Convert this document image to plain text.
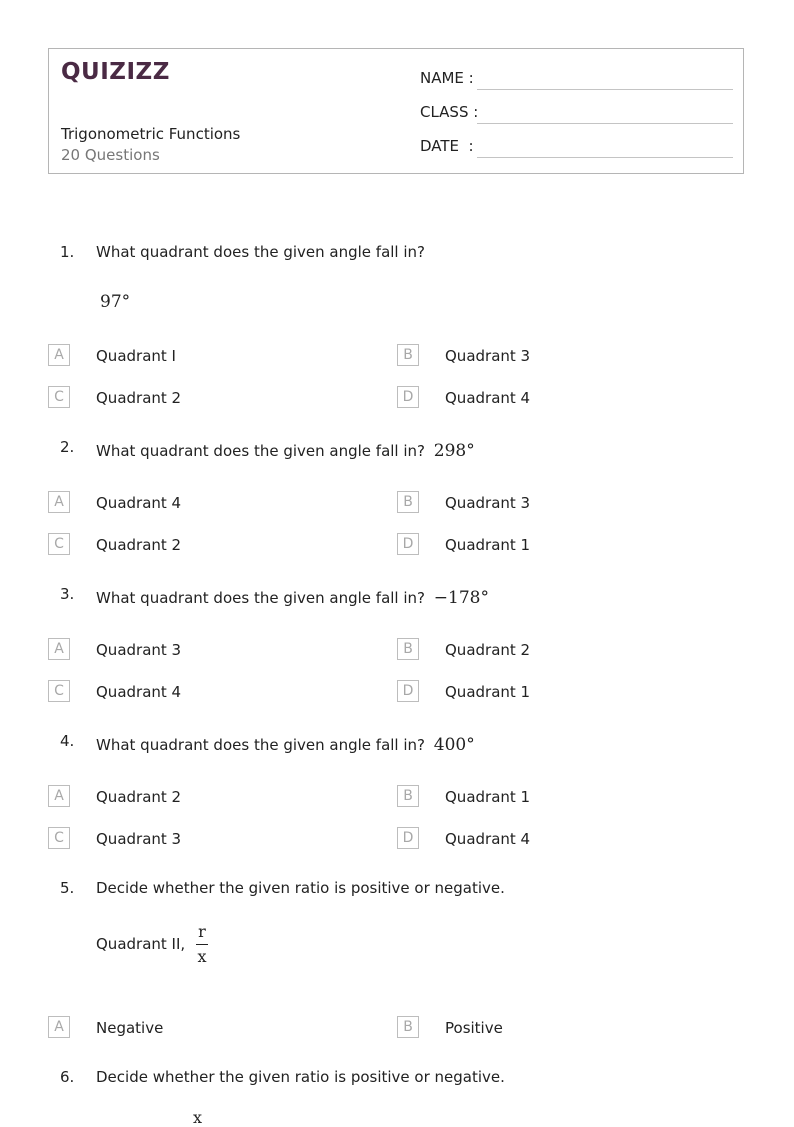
QUIZIZZ
Trigonometric Functions
20 Questions
NAME :
CLASS :
DATE  :
1. What quadrant does the given angle fall in?
97°
A	Quadrant I	B	Quadrant 3
C	Quadrant 2	D	Quadrant 4
2. What quadrant does the given angle fall in? 298°
A	Quadrant 4	B	Quadrant 3
C	Quadrant 2	D	Quadrant 1
3. What quadrant does the given angle fall in? −178°
A	Quadrant 3	B	Quadrant 2
C	Quadrant 4	D	Quadrant 1
4. What quadrant does the given angle fall in? 400°
A	Quadrant 2	B	Quadrant 1
C	Quadrant 3	D	Quadrant 4
5. Decide whether the given ratio is positive or negative.
Quadrant II, $\frac{r}{x}$
A	Negative	B	Positive
6. Decide whether the given ratio is positive or negative.
x
